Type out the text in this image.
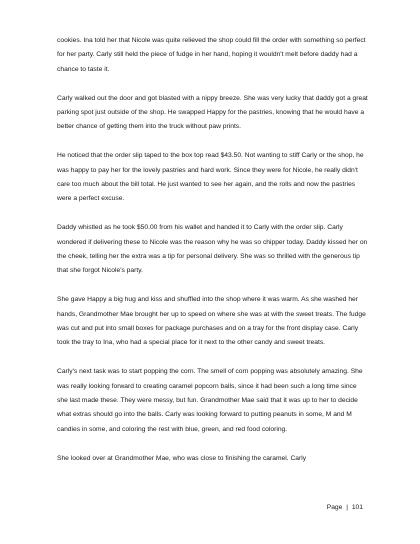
cookies. Ina told her that Nicole was quite relieved the shop could fill the order with something so perfect for her party. Carly still held the piece of fudge in her hand, hoping it wouldn't melt before daddy had a chance to taste it.

Carly walked out the door and got blasted with a nippy breeze. She was very lucky that daddy got a great parking spot just outside of the shop. He swapped Happy for the pastries, knowing that he would have a better chance of getting them into the truck without paw prints.

He noticed that the order slip taped to the box top read $43.50. Not wanting to stiff Carly or the shop, he was happy to pay her for the lovely pastries and hard work. Since they were for Nicole, he really didn't care too much about the bill total. He just wanted to see her again, and the rolls and now the pastries were a perfect excuse.

Daddy whistled as he took $50.00 from his wallet and handed it to Carly with the order slip. Carly wondered if delivering these to Nicole was the reason why he was so chipper today. Daddy kissed her on the cheek, telling her the extra was a tip for personal delivery. She was so thrilled with the generous tip that she forgot Nicole's party.

She gave Happy a big hug and kiss and shuffled into the shop where it was warm. As she washed her hands, Grandmother Mae brought her up to speed on where she was at with the sweet treats. The fudge was cut and put into small boxes for package purchases and on a tray for the front display case. Carly took the tray to Ina, who had a special place for it next to the other candy and sweet treats.

Carly's next task was to start popping the corn. The smell of corn popping was absolutely amazing. She was really looking forward to creating caramel popcorn balls, since it had been such a long time since she last made these. They were messy, but fun. Grandmother Mae said that it was up to her to decide what extras should go into the balls. Carly was looking forward to putting peanuts in some, M and M candies in some, and coloring the rest with blue, green, and red food coloring.

She looked over at Grandmother Mae, who was close to finishing the caramel. Carly

Page | 101
